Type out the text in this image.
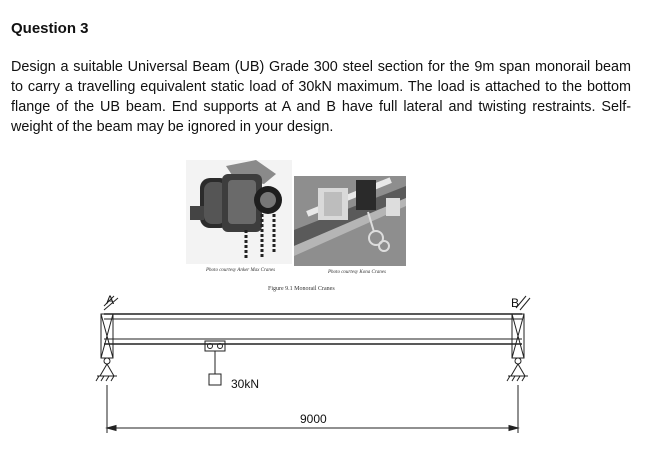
Question 3

Design a suitable Universal Beam (UB) Grade 300 steel section for the 9m span monorail beam to carry a travelling equivalent static load of 30kN maximum. The load is attached to the bottom flange of the UB beam. End supports at A and B have full lateral and twisting restraints. Self-weight of the beam may be ignored in your design.

Photo courtesy Anker Max Cranes	Photo courtesy Kona Cranes
Figure 9.1 Monorail Cranes
A	B
30kN
9000
